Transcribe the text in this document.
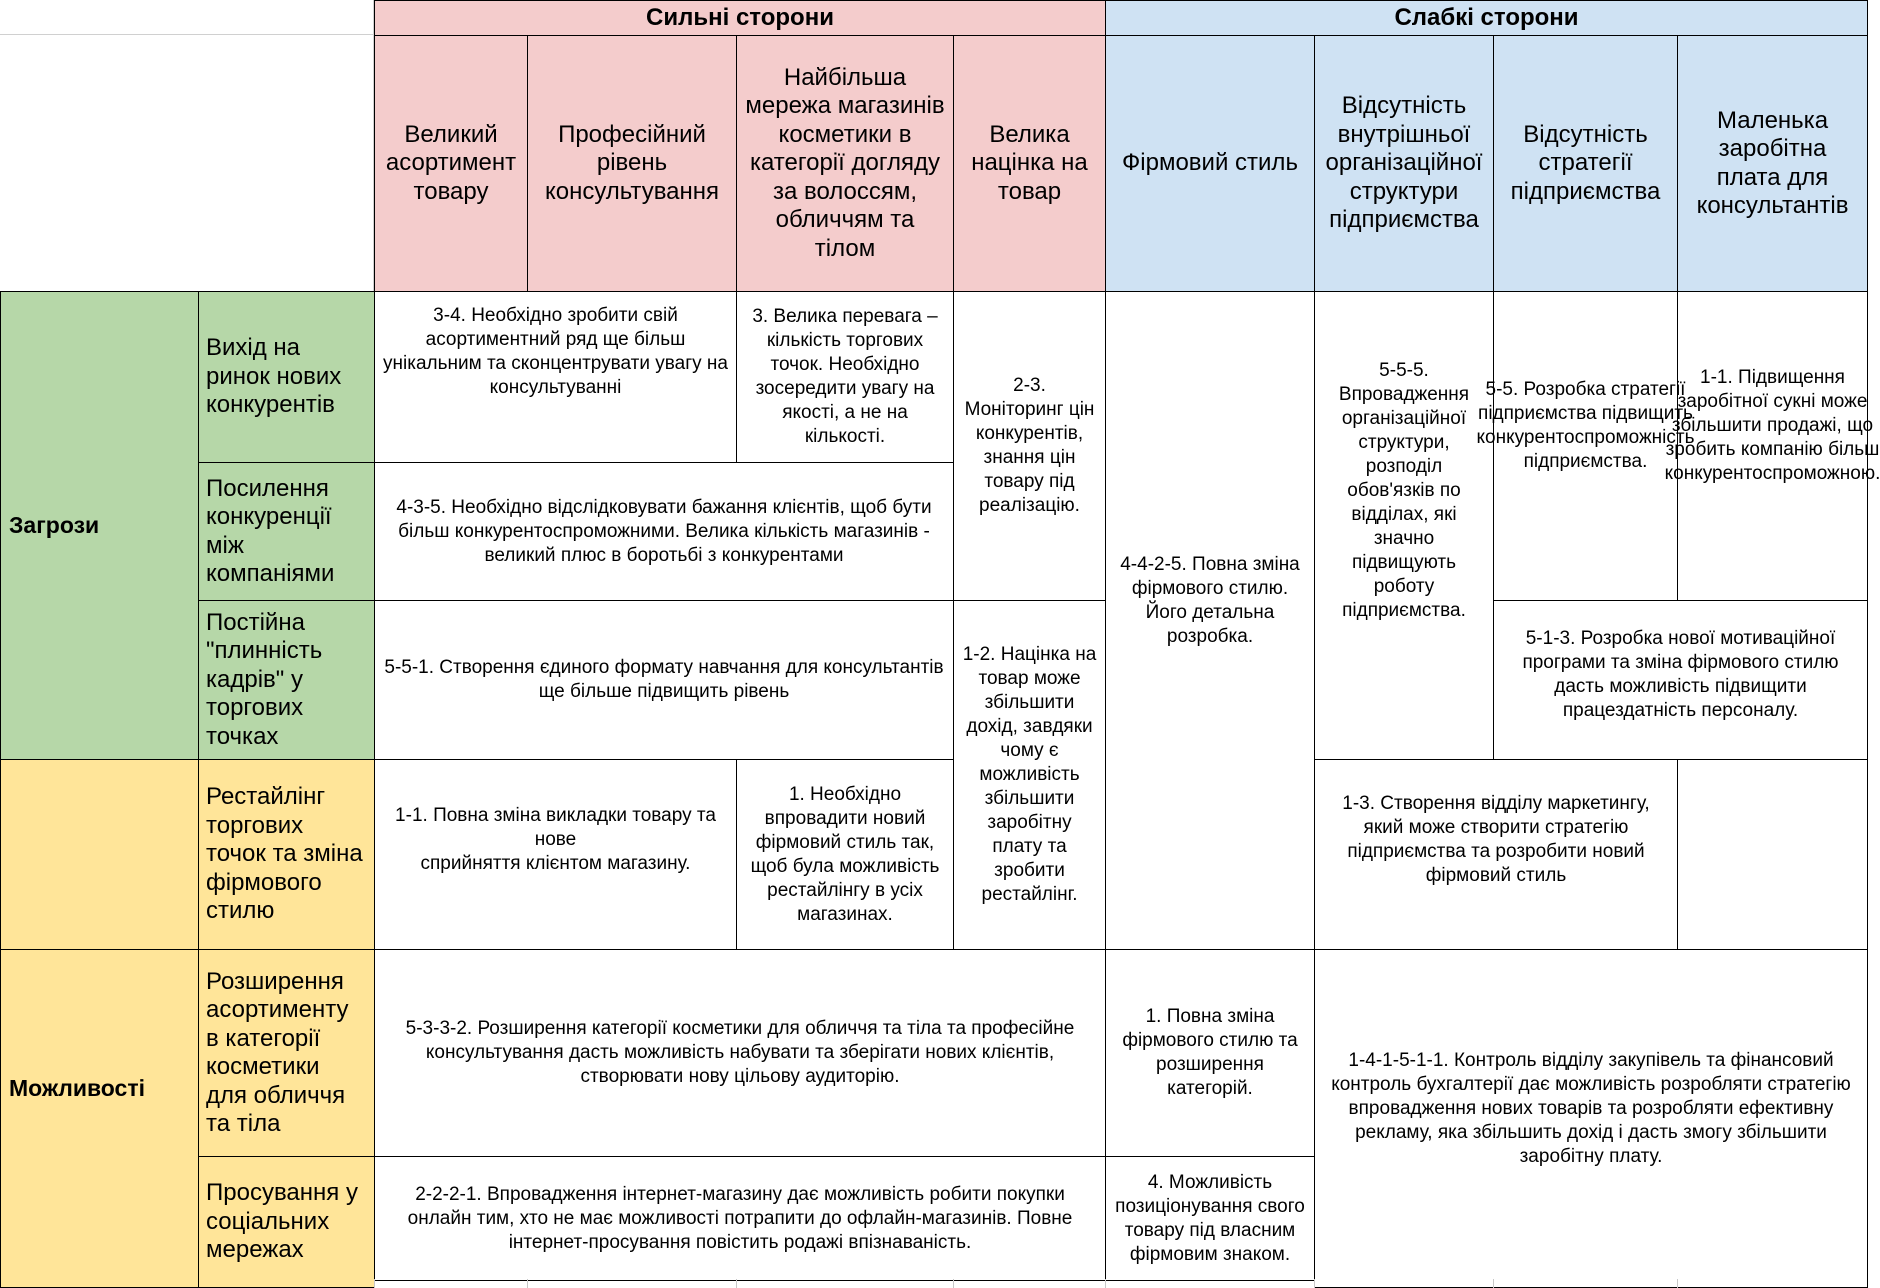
Сильні сторони	Слабкі сторони
Великий асортимент товару
Професійний рівень консультування
Найбільша мережа магазинів косметики в категорії догляду за волоссям, обличчям та тілом
Велика націнка на товар
Фірмовий стиль
Відсутність внутрішньої організаційної структури підприємства
Відсутність стратегії підприємства
Маленька заробітна плата для консультантів
Загрози
Можливості
Вихід на ринок нових конкурентів
Посилення конкуренції між компаніями
Постійна "плинність кадрів" у торгових точках
Рестайлінг торгових точок та зміна фірмового стилю
Розширення асортименту в категорії косметики для обличчя та тіла
Просування у соціальних мережах
3-4. Необхідно зробити свій асортиментний ряд ще більш унікальним та сконцентрувати увагу на консультуванні
3. Велика перевага – кількість торгових точок. Необхідно зосередити увагу на якості, а не на кількості.
2-3. Моніторинг цін конкурентів, знання цін товару під реалізацію.
4-4-2-5. Повна зміна фірмового стилю. Його детальна розробка.
5-5-5. Впровадження організаційної структури, розподіл обов'язків по відділах, які значно підвищують роботу підприємства.
5-5. Розробка стратегії підприємства підвищить конкурентоспроможність підприємства.
1-1. Підвищення заробітної сукні може збільшити продажі, що зробить компанію більш конкурентоспроможною.
4-3-5. Необхідно відслідковувати бажання клієнтів, щоб бути більш конкурентоспроможними. Велика кількість магазинів - великий плюс в боротьбі з конкурентами
5-5-1. Створення єдиного формату навчання для консультантів ще більше підвищить рівень
1-2. Націнка на товар може збільшити дохід, завдяки чому є можливість збільшити заробітну плату та зробити рестайлінг.
5-1-3. Розробка нової мотиваційної програми та зміна фірмового стилю дасть можливість підвищити працездатність персоналу.
1-1. Повна зміна викладки товару та нове
сприйняття клієнтом магазину.
1. Необхідно впровадити новий фірмовий стиль так, щоб була можливість рестайлінгу в усіх магазинах.
1-3. Створення відділу маркетингу, який може створити стратегію підприємства та розробити новий фірмовий стиль
5-3-3-2. Розширення категорії косметики для обличчя та тіла та професійне консультування дасть можливість набувати та зберігати нових клієнтів, створювати нову цільову аудиторію.
1. Повна зміна фірмового стилю та розширення категорій.
1-4-1-5-1-1. Контроль відділу закупівель та фінансовий контроль бухгалтерії дає можливість розробляти стратегію впровадження нових товарів та розробляти ефективну рекламу, яка збільшить дохід і дасть змогу збільшити заробітну плату.
2-2-2-1. Впровадження інтернет-магазину дає можливість робити покупки онлайн тим, хто не має можливості потрапити до офлайн-магазинів. Повне інтернет-просування повістить родажі впізнаваність.
4. Можливість позиціонування свого товару під власним фірмовим знаком.
